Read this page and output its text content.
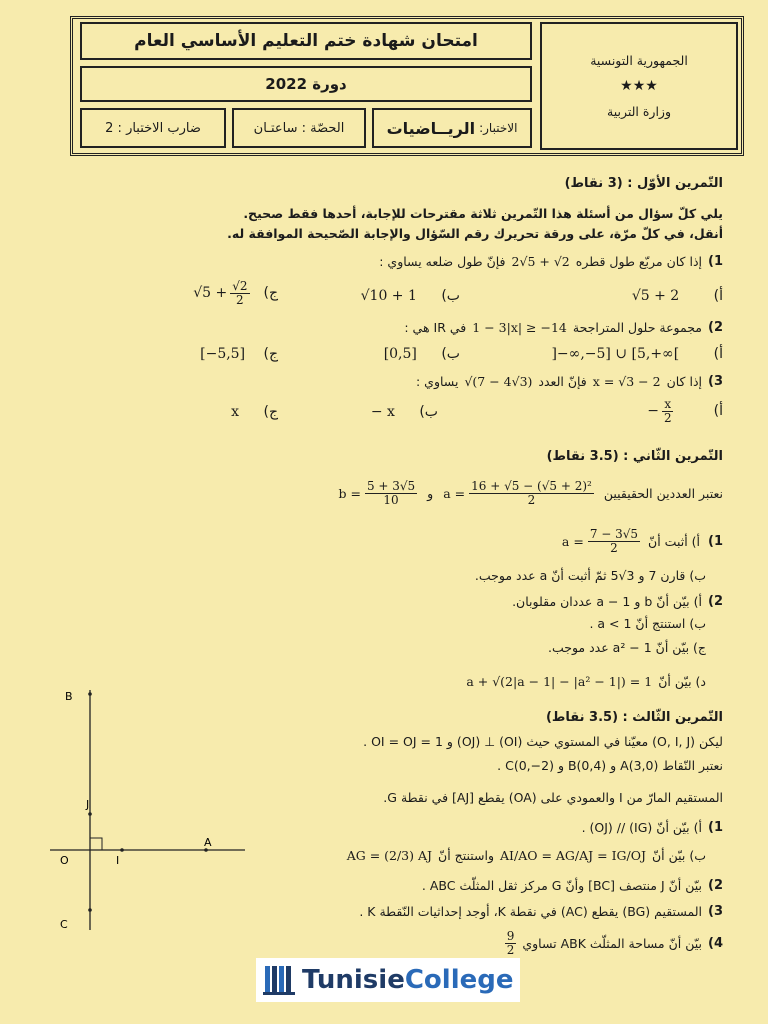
امتحان شهادة ختم التعليم الأساسي العام
دورة 2022
الاختبار:
الريــاضيات
الحصّة : ساعتـان
ضارب الاختبار : 2
الجمهورية التونسية
★★★
وزارة التربية
التّمرين الأوّل : (3 نقاط)
يلي كلّ سؤال من أسئلة هذا التّمرين ثلاثة مقترحات للإجابة، أحدها فقط صحيح.
أنقل، في كلّ مرّة، على ورقة تحريرك رقم السّؤال والإجابة الصّحيحة الموافقة له.
1)
إذا كان مربّع طول قطره
2√5 + √2
فإنّ طول ضلعه يساوي :
أ) √5 + 2
ب) √10 + 1
ج)
$√5 + \frac{√2}{2}$
2)
مجموعة حلول المتراجحة
1 − 3|x| ≥ −14
في IR هي :
أ) ]−∞,−5] ∪ [5,+∞[
ب) [0,5]
ج) [−5,5]
3)
إذا كان
x = √3 − 2
فإنّ العدد
√(7 − 4√3)
يساوي :
أ)
− $\frac{x}{2}$
ب) − x
ج) x
التّمرين الثّاني : (3.5 نقاط)
نعتبر العددين الحقيقيين
$a = \frac{\text{16 + √5 − (√5 + 2)²}}{2}$
و
$b = \frac{5 + 3√5}{10}$
1)
أ) أثبت أنّ
$a = \frac{7 - 3√5}{2}$
ب) قارن 7 و 3√5 ثمّ أثبت أنّ a عدد موجب.
2)
أ) بيّن أنّ b و a − 1 عددان مقلوبان.
ب) استنتج أنّ a < 1 .
ج) بيّن أنّ 1 − a² عدد موجب.
د) بيّن أنّ
a + √(2|a − 1| − |a² − 1|) = 1
التّمرين الثّالث : (3.5 نقاط)
ليكن (O, I, J) معيّنا في المستوي حيث (OI) ⊥ (OJ) و OI = OJ = 1 .
نعتبر النّقاط A(3,0) و B(0,4) و C(0,−2) .
المستقيم المارّ من I والعمودي على (OA) يقطع [AJ] في نقطة G.
1)
أ) بيّن أنّ (IG) // (OJ) .
ب) بيّن أنّ
AI/AO = AG/AJ = IG/OJ
واستنتج أنّ
AG = (2/3) AJ
2)
بيّن أنّ J منتصف [BC] وأنّ G مركز ثقل المثلّث ABC .
3)
المستقيم (BG) يقطع (AC) في نقطة K، أوجد إحداثيات النّقطة K .
4)
بيّن أنّ مساحة المثلّث ABK تساوي
$\frac{9}{2}$
B
J
O	I
A
C
TunisieCollege
